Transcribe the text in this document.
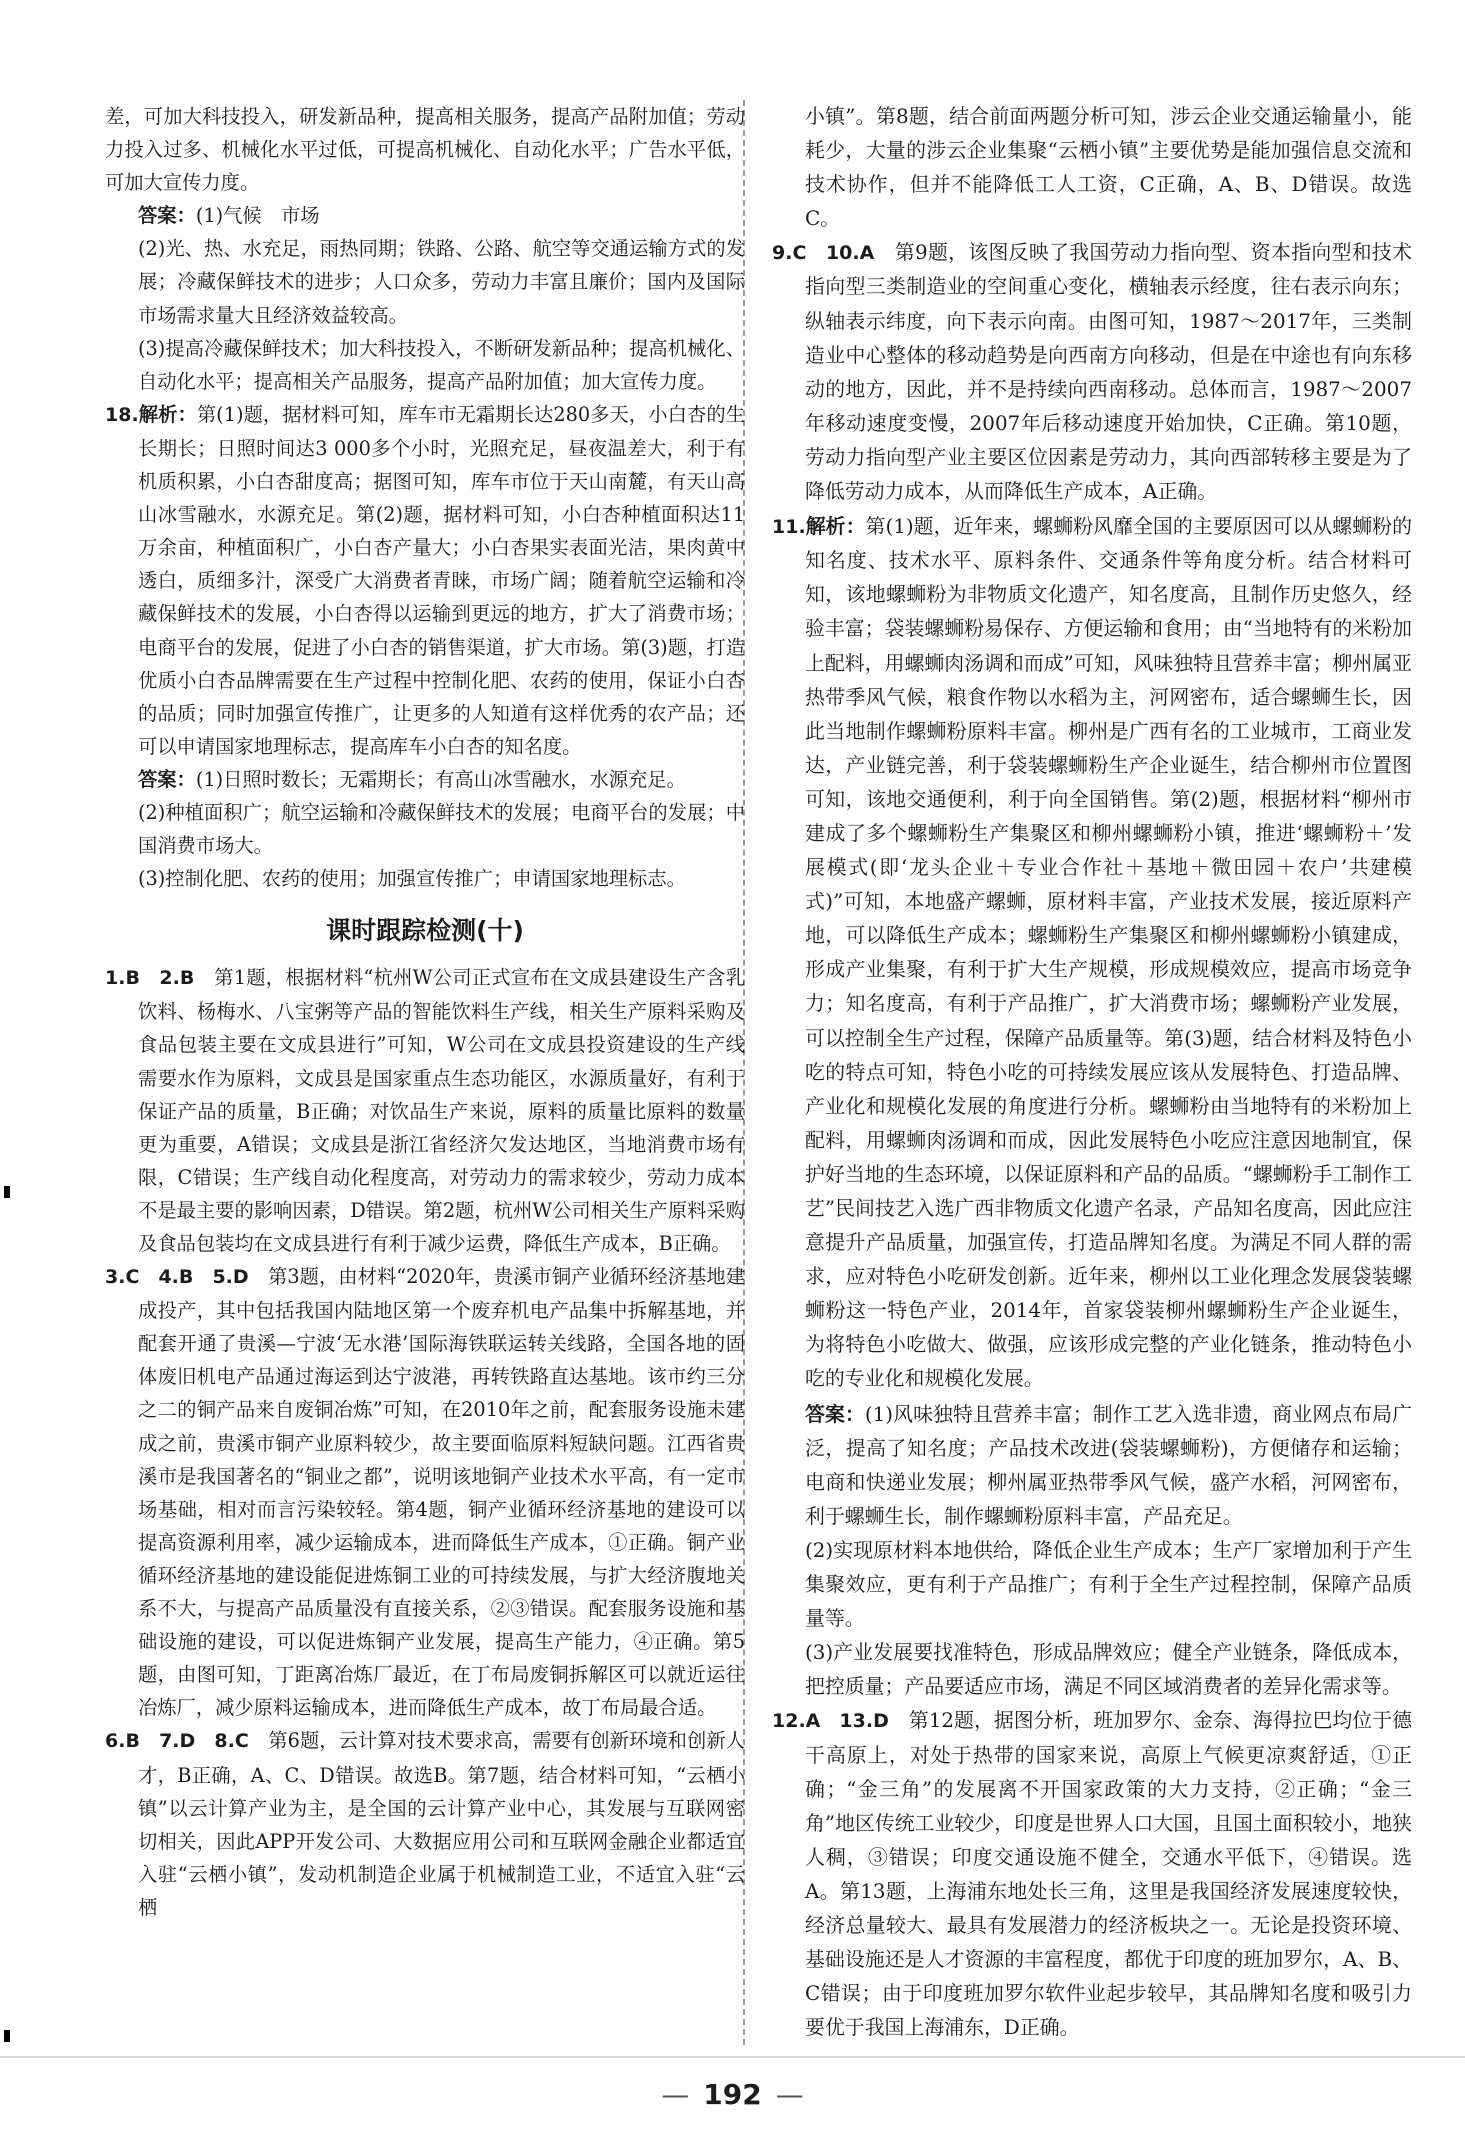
差，可加大科技投入，研发新品种，提高相关服务，提高产品附加值；劳动力投入过多、机械化水平过低，可提高机械化、自动化水平；广告水平低，可加大宣传力度。

答案：(1)气候　市场

(2)光、热、水充足，雨热同期；铁路、公路、航空等交通运输方式的发展；冷藏保鲜技术的进步；人口众多，劳动力丰富且廉价；国内及国际市场需求量大且经济效益较高。

(3)提高冷藏保鲜技术；加大科技投入，不断研发新品种；提高机械化、自动化水平；提高相关产品服务，提高产品附加值；加大宣传力度。

18.解析：第(1)题，据材料可知，库车市无霜期长达280多天，小白杏的生长期长；日照时间达3 000多个小时，光照充足，昼夜温差大，利于有机质积累，小白杏甜度高；据图可知，库车市位于天山南麓，有天山高山冰雪融水，水源充足。第(2)题，据材料可知，小白杏种植面积达11万余亩，种植面积广，小白杏产量大；小白杏果实表面光洁，果肉黄中透白，质细多汁，深受广大消费者青睐，市场广阔；随着航空运输和冷藏保鲜技术的发展，小白杏得以运输到更远的地方，扩大了消费市场；电商平台的发展，促进了小白杏的销售渠道，扩大市场。第(3)题，打造优质小白杏品牌需要在生产过程中控制化肥、农药的使用，保证小白杏的品质；同时加强宣传推广，让更多的人知道有这样优秀的农产品；还可以申请国家地理标志，提高库车小白杏的知名度。

答案：(1)日照时数长；无霜期长；有高山冰雪融水，水源充足。

(2)种植面积广；航空运输和冷藏保鲜技术的发展；电商平台的发展；中国消费市场大。

(3)控制化肥、农药的使用；加强宣传推广；申请国家地理标志。

课时跟踪检测(十)

1.B　2.B　 第1题，根据材料“杭州W公司正式宣布在文成县建设生产含乳饮料、杨梅水、八宝粥等产品的智能饮料生产线，相关生产原料采购及食品包装主要在文成县进行”可知，W公司在文成县投资建设的生产线需要水作为原料，文成县是国家重点生态功能区，水源质量好，有利于保证产品的质量，B正确；对饮品生产来说，原料的质量比原料的数量更为重要，A错误；文成县是浙江省经济欠发达地区，当地消费市场有限，C错误；生产线自动化程度高，对劳动力的需求较少，劳动力成本不是最主要的影响因素，D错误。第2题，杭州W公司相关生产原料采购及食品包装均在文成县进行有利于减少运费，降低生产成本，B正确。

3.C　4.B　5.D　 第3题，由材料“2020年，贵溪市铜产业循环经济基地建成投产，其中包括我国内陆地区第一个废弃机电产品集中拆解基地，并配套开通了贵溪—宁波‘无水港’国际海铁联运转关线路，全国各地的固体废旧机电产品通过海运到达宁波港，再转铁路直达基地。该市约三分之二的铜产品来自废铜冶炼”可知，在2010年之前，配套服务设施未建成之前，贵溪市铜产业原料较少，故主要面临原料短缺问题。江西省贵溪市是我国著名的“铜业之都”，说明该地铜产业技术水平高，有一定市场基础，相对而言污染较轻。第4题，铜产业循环经济基地的建设可以提高资源利用率，减少运输成本，进而降低生产成本，①正确。铜产业循环经济基地的建设能促进炼铜工业的可持续发展，与扩大经济腹地关系不大，与提高产品质量没有直接关系，②③错误。配套服务设施和基础设施的建设，可以促进炼铜产业发展，提高生产能力，④正确。第5题，由图可知，丁距离冶炼厂最近，在丁布局废铜拆解区可以就近运往冶炼厂，减少原料运输成本，进而降低生产成本，故丁布局最合适。

6.B　7.D　8.C　 第6题，云计算对技术要求高，需要有创新环境和创新人才，B正确，A、C、D错误。故选B。第7题，结合材料可知，“云栖小镇”以云计算产业为主，是全国的云计算产业中心，其发展与互联网密切相关，因此APP开发公司、大数据应用公司和互联网金融企业都适宜入驻“云栖小镇”，发动机制造企业属于机械制造工业，不适宜入驻“云栖

小镇”。第8题，结合前面两题分析可知，涉云企业交通运输量小，能耗少，大量的涉云企业集聚“云栖小镇”主要优势是能加强信息交流和技术协作，但并不能降低工人工资，C正确，A、B、D错误。故选C。

9.C　10.A　 第9题，该图反映了我国劳动力指向型、资本指向型和技术指向型三类制造业的空间重心变化，横轴表示经度，往右表示向东；纵轴表示纬度，向下表示向南。由图可知，1987～2017年，三类制造业中心整体的移动趋势是向西南方向移动，但是在中途也有向东移动的地方，因此，并不是持续向西南移动。总体而言，1987～2007年移动速度变慢，2007年后移动速度开始加快，C正确。第10题，劳动力指向型产业主要区位因素是劳动力，其向西部转移主要是为了降低劳动力成本，从而降低生产成本，A正确。

11.解析：第(1)题，近年来，螺蛳粉风靡全国的主要原因可以从螺蛳粉的知名度、技术水平、原料条件、交通条件等角度分析。结合材料可知，该地螺蛳粉为非物质文化遗产，知名度高，且制作历史悠久，经验丰富；袋装螺蛳粉易保存、方便运输和食用；由“当地特有的米粉加上配料，用螺蛳肉汤调和而成”可知，风味独特且营养丰富；柳州属亚热带季风气候，粮食作物以水稻为主，河网密布，适合螺蛳生长，因此当地制作螺蛳粉原料丰富。柳州是广西有名的工业城市，工商业发达，产业链完善，利于袋装螺蛳粉生产企业诞生，结合柳州市位置图可知，该地交通便利，利于向全国销售。第(2)题，根据材料“柳州市建成了多个螺蛳粉生产集聚区和柳州螺蛳粉小镇，推进‘螺蛳粉＋’发展模式(即‘龙头企业＋专业合作社＋基地＋微田园＋农户’共建模式)”可知，本地盛产螺蛳，原材料丰富，产业技术发展，接近原料产地，可以降低生产成本；螺蛳粉生产集聚区和柳州螺蛳粉小镇建成，形成产业集聚，有利于扩大生产规模，形成规模效应，提高市场竞争力；知名度高，有利于产品推广，扩大消费市场；螺蛳粉产业发展，可以控制全生产过程，保障产品质量等。第(3)题，结合材料及特色小吃的特点可知，特色小吃的可持续发展应该从发展特色、打造品牌、产业化和规模化发展的角度进行分析。螺蛳粉由当地特有的米粉加上配料，用螺蛳肉汤调和而成，因此发展特色小吃应注意因地制宜，保护好当地的生态环境，以保证原料和产品的品质。“螺蛳粉手工制作工艺”民间技艺入选广西非物质文化遗产名录，产品知名度高，因此应注意提升产品质量，加强宣传，打造品牌知名度。为满足不同人群的需求，应对特色小吃研发创新。近年来，柳州以工业化理念发展袋装螺蛳粉这一特色产业，2014年，首家袋装柳州螺蛳粉生产企业诞生，为将特色小吃做大、做强，应该形成完整的产业化链条，推动特色小吃的专业化和规模化发展。

答案：(1)风味独特且营养丰富；制作工艺入选非遗，商业网点布局广泛，提高了知名度；产品技术改进(袋装螺蛳粉)，方便储存和运输；电商和快递业发展；柳州属亚热带季风气候，盛产水稻，河网密布，利于螺蛳生长，制作螺蛳粉原料丰富，产品充足。

(2)实现原材料本地供给，降低企业生产成本；生产厂家增加利于产生集聚效应，更有利于产品推广；有利于全生产过程控制，保障产品质量等。

(3)产业发展要找准特色，形成品牌效应；健全产业链条，降低成本，把控质量；产品要适应市场，满足不同区域消费者的差异化需求等。

12.A　13.D　 第12题，据图分析，班加罗尔、金奈、海得拉巴均位于德干高原上，对处于热带的国家来说，高原上气候更凉爽舒适，①正确；“金三角”的发展离不开国家政策的大力支持，②正确；“金三角”地区传统工业较少，印度是世界人口大国，且国土面积较小，地狭人稠，③错误；印度交通设施不健全，交通水平低下，④错误。选A。第13题，上海浦东地处长三角，这里是我国经济发展速度较快，经济总量较大、最具有发展潜力的经济板块之一。无论是投资环境、基础设施还是人才资源的丰富程度，都优于印度的班加罗尔，A、B、C错误；由于印度班加罗尔软件业起步较早，其品牌知名度和吸引力要优于我国上海浦东，D正确。

— 192 —
